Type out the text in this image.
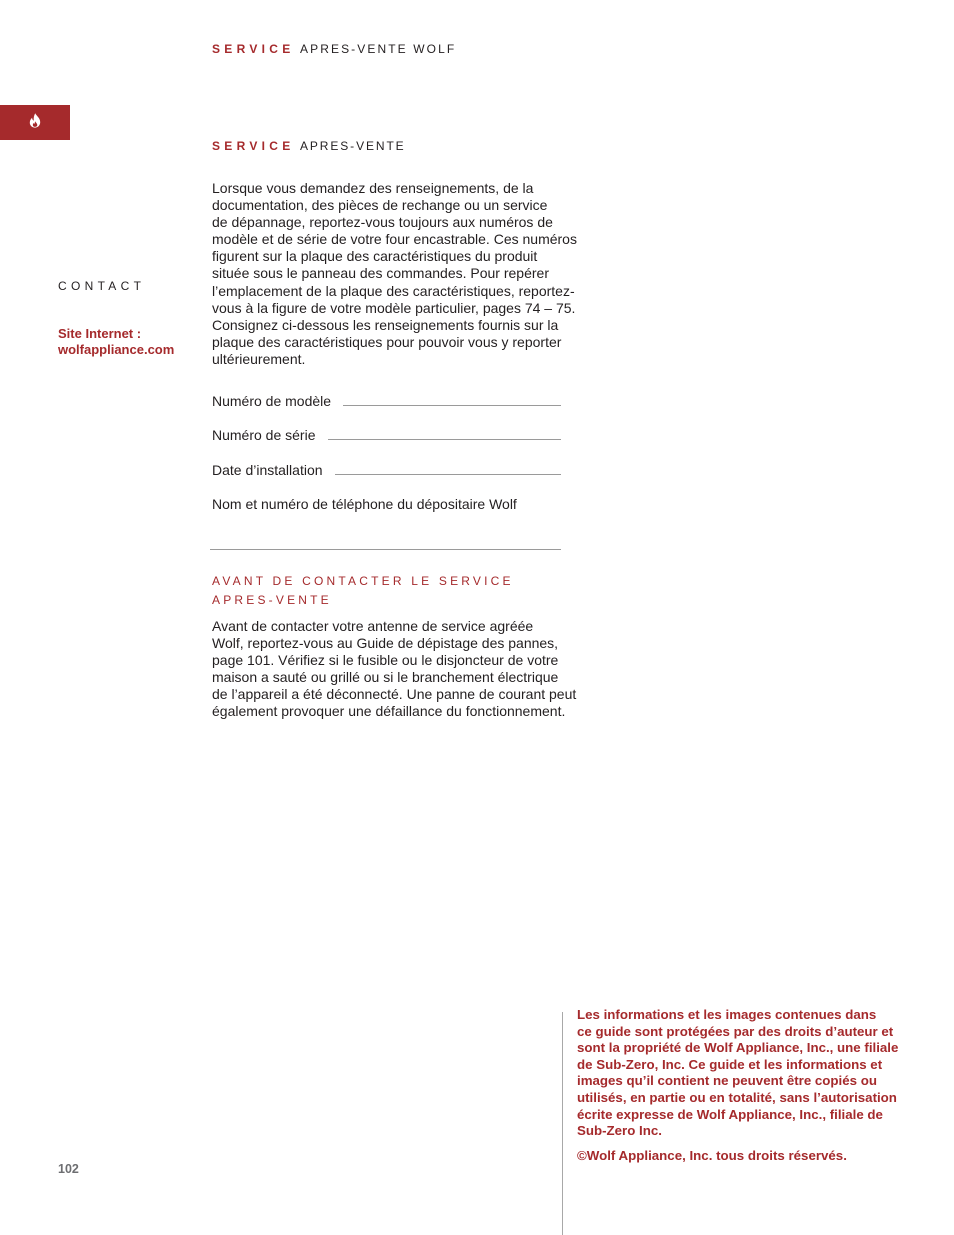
SERVICE APRES-VENTE WOLF
SERVICE APRES-VENTE
CONTACT
Site Internet :
wolfappliance.com
Lorsque vous demandez des renseignements, de la
documentation, des pièces de rechange ou un service
de dépannage, reportez-vous toujours aux numéros de
modèle et de série de votre four encastrable. Ces numéros
figurent sur la plaque des caractéristiques du produit
située sous le panneau des commandes. Pour repérer
l’emplacement de la plaque des caractéristiques, reportez-
vous à la figure de votre modèle particulier, pages 74 – 75.
Consignez ci-dessous les renseignements fournis sur la
plaque des caractéristiques pour pouvoir vous y reporter
ultérieurement.
Numéro de modèle
Numéro de série
Date d’installation
Nom et numéro de téléphone du dépositaire Wolf
AVANT DE CONTACTER LE SERVICE
APRES-VENTE
Avant de contacter votre antenne de service agréée
Wolf, reportez-vous au Guide de dépistage des pannes,
page 101. Vérifiez si le fusible ou le disjoncteur de votre
maison a sauté ou grillé ou si le branchement électrique
de l’appareil a été déconnecté. Une panne de courant peut
également provoquer une défaillance du fonctionnement.
Les informations et les images contenues dans
ce guide sont protégées par des droits d’auteur et
sont la propriété de Wolf Appliance, Inc., une filiale
de Sub-Zero, Inc. Ce guide et les informations et
images qu’il contient ne peuvent être copiés ou
utilisés, en partie ou en totalité, sans l’autorisation
écrite expresse de Wolf Appliance, Inc., filiale de
Sub-Zero Inc.
©Wolf Appliance, Inc. tous droits réservés.
102
